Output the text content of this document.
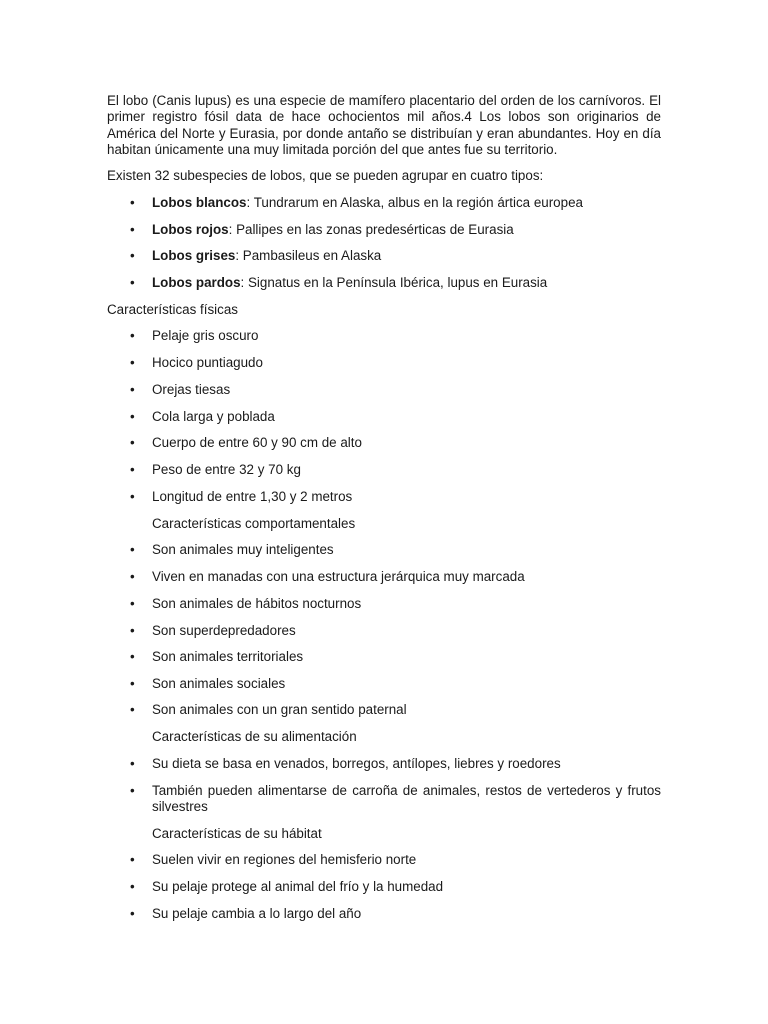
El lobo (Canis lupus) es una especie de mamífero placentario del orden de los carnívoros. El primer registro fósil data de hace ochocientos mil años.4 Los lobos son originarios de América del Norte y Eurasia, por donde antaño se distribuían y eran abundantes. Hoy en día habitan únicamente una muy limitada porción del que antes fue su territorio.

Existen 32 subespecies de lobos, que se pueden agrupar en cuatro tipos:

•	Lobos blancos: Tundrarum en Alaska, albus en la región ártica europea
•	Lobos rojos: Pallipes en las zonas predesérticas de Eurasia
•	Lobos grises: Pambasileus en Alaska
•	Lobos pardos: Signatus en la Península Ibérica, lupus en Eurasia

Características físicas

•	Pelaje gris oscuro
•	Hocico puntiagudo
•	Orejas tiesas
•	Cola larga y poblada
•	Cuerpo de entre 60 y 90 cm de alto
•	Peso de entre 32 y 70 kg
•	Longitud de entre 1,30 y 2 metros

Características comportamentales

•	Son animales muy inteligentes
•	Viven en manadas con una estructura jerárquica muy marcada
•	Son animales de hábitos nocturnos
•	Son superdepredadores
•	Son animales territoriales
•	Son animales sociales
•	Son animales con un gran sentido paternal

Características de su alimentación

•	Su dieta se basa en venados, borregos, antílopes, liebres y roedores
•	También pueden alimentarse de carroña de animales, restos de vertederos y frutos silvestres

Características de su hábitat

•	Suelen vivir en regiones del hemisferio norte
•	Su pelaje protege al animal del frío y la humedad
•	Su pelaje cambia a lo largo del año
